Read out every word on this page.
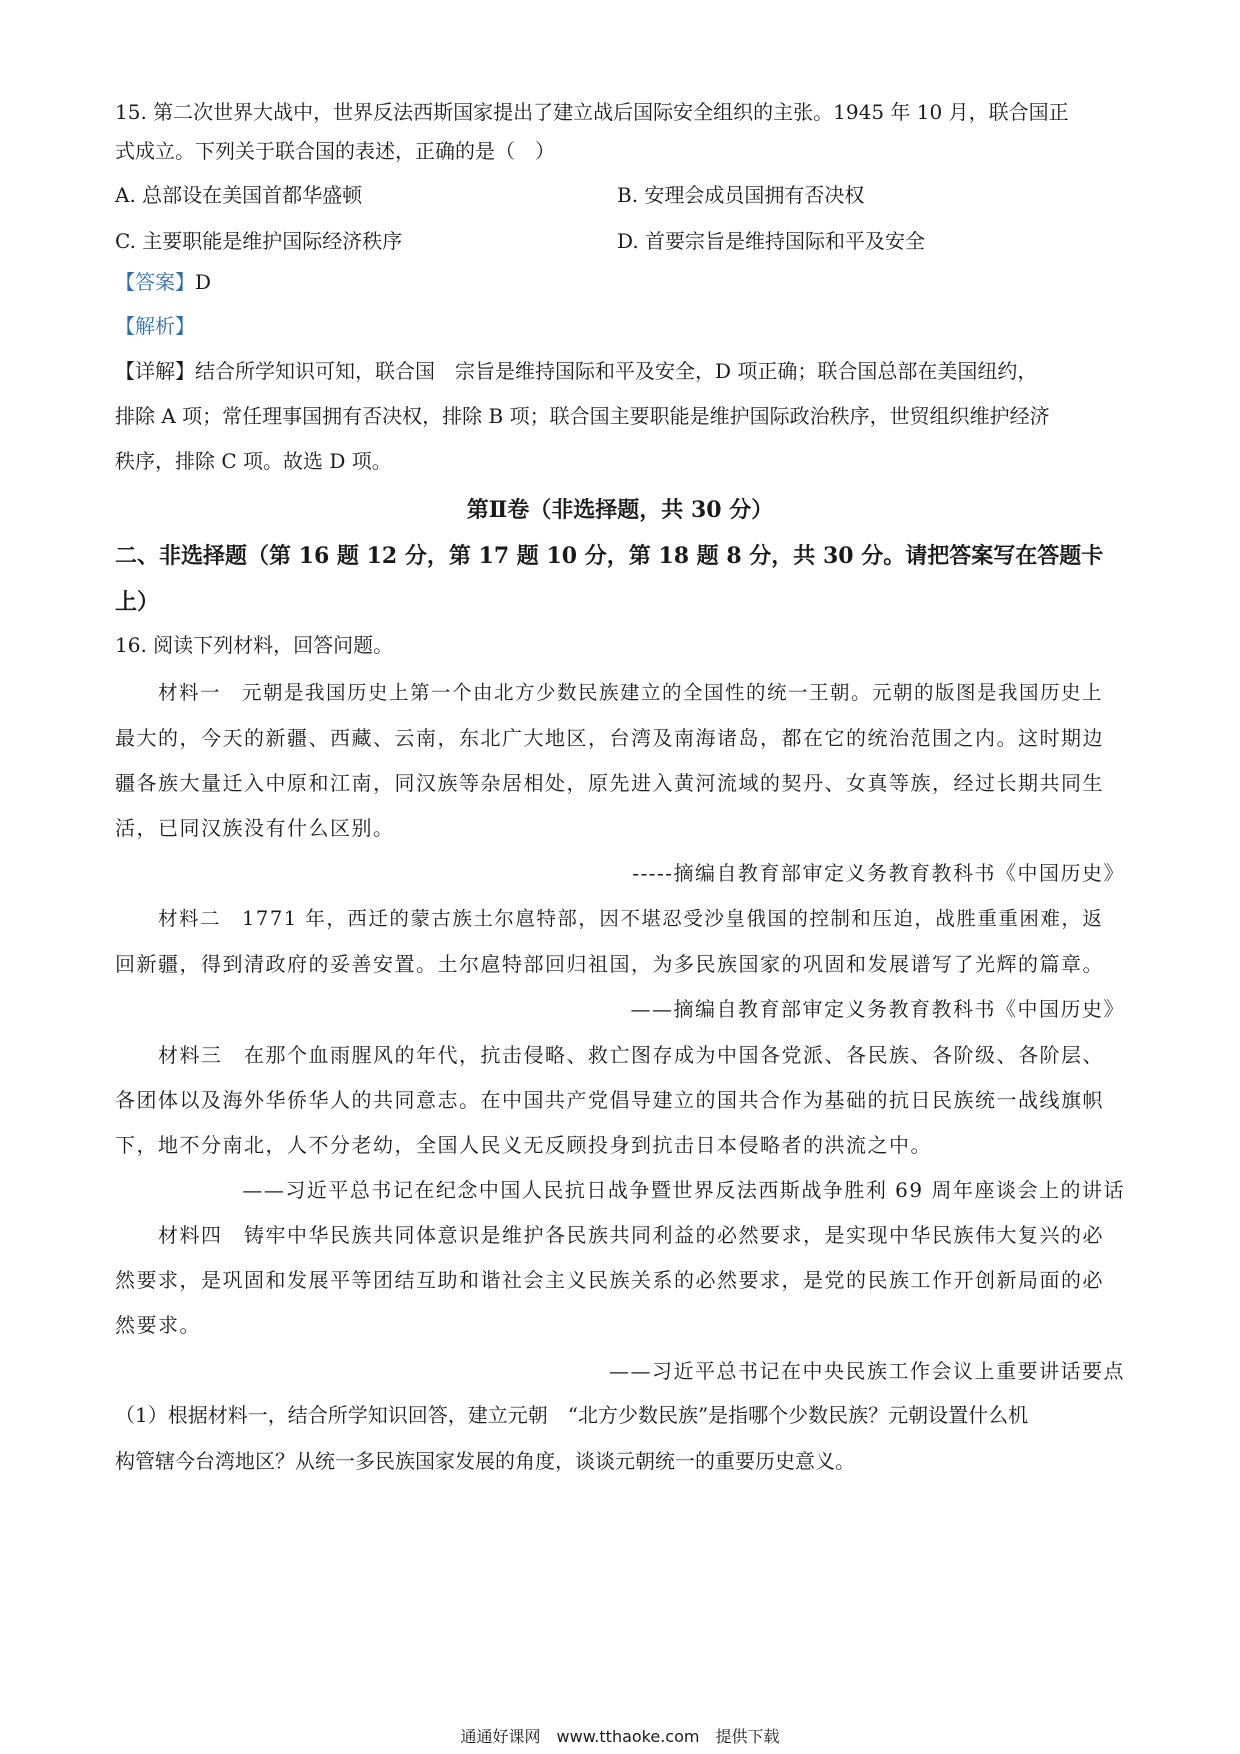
15. 第二次世界大战中，世界反法西斯国家提出了建立战后国际安全组织的主张。1945 年 10 月，联合国正
式成立。下列关于联合国的表述，正确的是（　）
A. 总部设在美国首都华盛顿	B. 安理会成员国拥有否决权
C. 主要职能是维护国际经济秩序	D. 首要宗旨是维持国际和平及安全
【答案】D
【解析】
【详解】结合所学知识可知，联合国　宗旨是维持国际和平及安全，D 项正确；联合国总部在美国纽约，
排除 A 项；常任理事国拥有否决权，排除 B 项；联合国主要职能是维护国际政治秩序，世贸组织维护经济
秩序，排除 C 项。故选 D 项。
第Ⅱ卷（非选择题，共 30 分）
二、非选择题（第 16 题 12 分，第 17 题 10 分，第 18 题 8 分，共 30 分。请把答案写在答题卡
上）
16. 阅读下列材料，回答问题。
材料一　元朝是我国历史上第一个由北方少数民族建立的全国性的统一王朝。元朝的版图是我国历史上
最大的，今天的新疆、西藏、云南，东北广大地区，台湾及南海诸岛，都在它的统治范围之内。这时期边
疆各族大量迁入中原和江南，同汉族等杂居相处，原先进入黄河流域的契丹、女真等族，经过长期共同生
活，已同汉族没有什么区别。
-----摘编自教育部审定义务教育教科书《中国历史》
材料二　1771 年，西迁的蒙古族土尔扈特部，因不堪忍受沙皇俄国的控制和压迫，战胜重重困难，返
回新疆，得到清政府的妥善安置。土尔扈特部回归祖国，为多民族国家的巩固和发展谱写了光辉的篇章。
——摘编自教育部审定义务教育教科书《中国历史》
材料三　在那个血雨腥风的年代，抗击侵略、救亡图存成为中国各党派、各民族、各阶级、各阶层、
各团体以及海外华侨华人的共同意志。在中国共产党倡导建立的国共合作为基础的抗日民族统一战线旗帜
下，地不分南北，人不分老幼，全国人民义无反顾投身到抗击日本侵略者的洪流之中。
——习近平总书记在纪念中国人民抗日战争暨世界反法西斯战争胜利 69 周年座谈会上的讲话
材料四　铸牢中华民族共同体意识是维护各民族共同利益的必然要求，是实现中华民族伟大复兴的必
然要求，是巩固和发展平等团结互助和谐社会主义民族关系的必然要求，是党的民族工作开创新局面的必
然要求。
——习近平总书记在中央民族工作会议上重要讲话要点
（1）根据材料一，结合所学知识回答，建立元朝　“北方少数民族”是指哪个少数民族？元朝设置什么机
构管辖今台湾地区？从统一多民族国家发展的角度，谈谈元朝统一的重要历史意义。
通通好课网　www.tthaoke.com　提供下载
